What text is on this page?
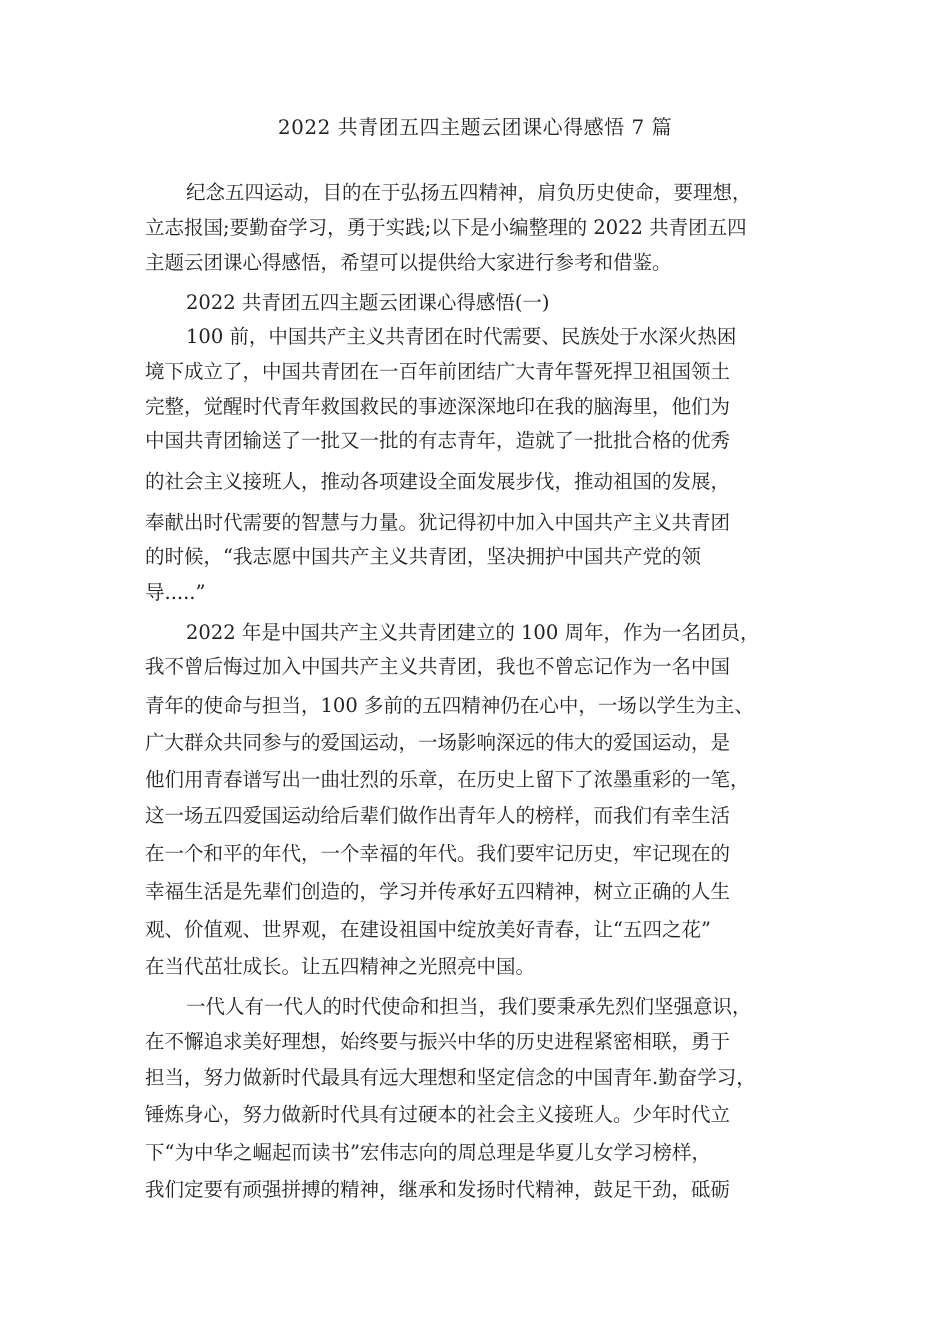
2022 共青团五四主题云团课心得感悟 7 篇
纪念五四运动，目的在于弘扬五四精神，肩负历史使命，要理想，
立志报国;要勤奋学习，勇于实践;以下是小编整理的 2022 共青团五四
主题云团课心得感悟，希望可以提供给大家进行参考和借鉴。
2022 共青团五四主题云团课心得感悟(一)
100 前，中国共产主义共青团在时代需要、民族处于水深火热困
境下成立了，中国共青团在一百年前团结广大青年誓死捍卫祖国领土
完整，觉醒时代青年救国救民的事迹深深地印在我的脑海里，他们为
中国共青团输送了一批又一批的有志青年，造就了一批批合格的优秀
的社会主义接班人，推动各项建设全面发展步伐，推动祖国的发展，
奉献出时代需要的智慧与力量。犹记得初中加入中国共产主义共青团
的时候，“我志愿中国共产主义共青团，坚决拥护中国共产党的领
导.....”
2022 年是中国共产主义共青团建立的 100 周年，作为一名团员，
我不曾后悔过加入中国共产主义共青团，我也不曾忘记作为一名中国
青年的使命与担当，100 多前的五四精神仍在心中，一场以学生为主、
广大群众共同参与的爱国运动，一场影响深远的伟大的爱国运动，是
他们用青春谱写出一曲壮烈的乐章，在历史上留下了浓墨重彩的一笔，
这一场五四爱国运动给后辈们做作出青年人的榜样，而我们有幸生活
在一个和平的年代，一个幸福的年代。我们要牢记历史，牢记现在的
幸福生活是先辈们创造的，学习并传承好五四精神，树立正确的人生
观、价值观、世界观，在建设祖国中绽放美好青春，让“五四之花”
在当代茁壮成长。让五四精神之光照亮中国。
一代人有一代人的时代使命和担当，我们要秉承先烈们坚强意识，
在不懈追求美好理想，始终要与振兴中华的历史进程紧密相联，勇于
担当，努力做新时代最具有远大理想和坚定信念的中国青年.勤奋学习，
锤炼身心，努力做新时代具有过硬本的社会主义接班人。少年时代立
下“为中华之崛起而读书”宏伟志向的周总理是华夏儿女学习榜样，
我们定要有顽强拼搏的精神，继承和发扬时代精神，鼓足干劲，砥砺
